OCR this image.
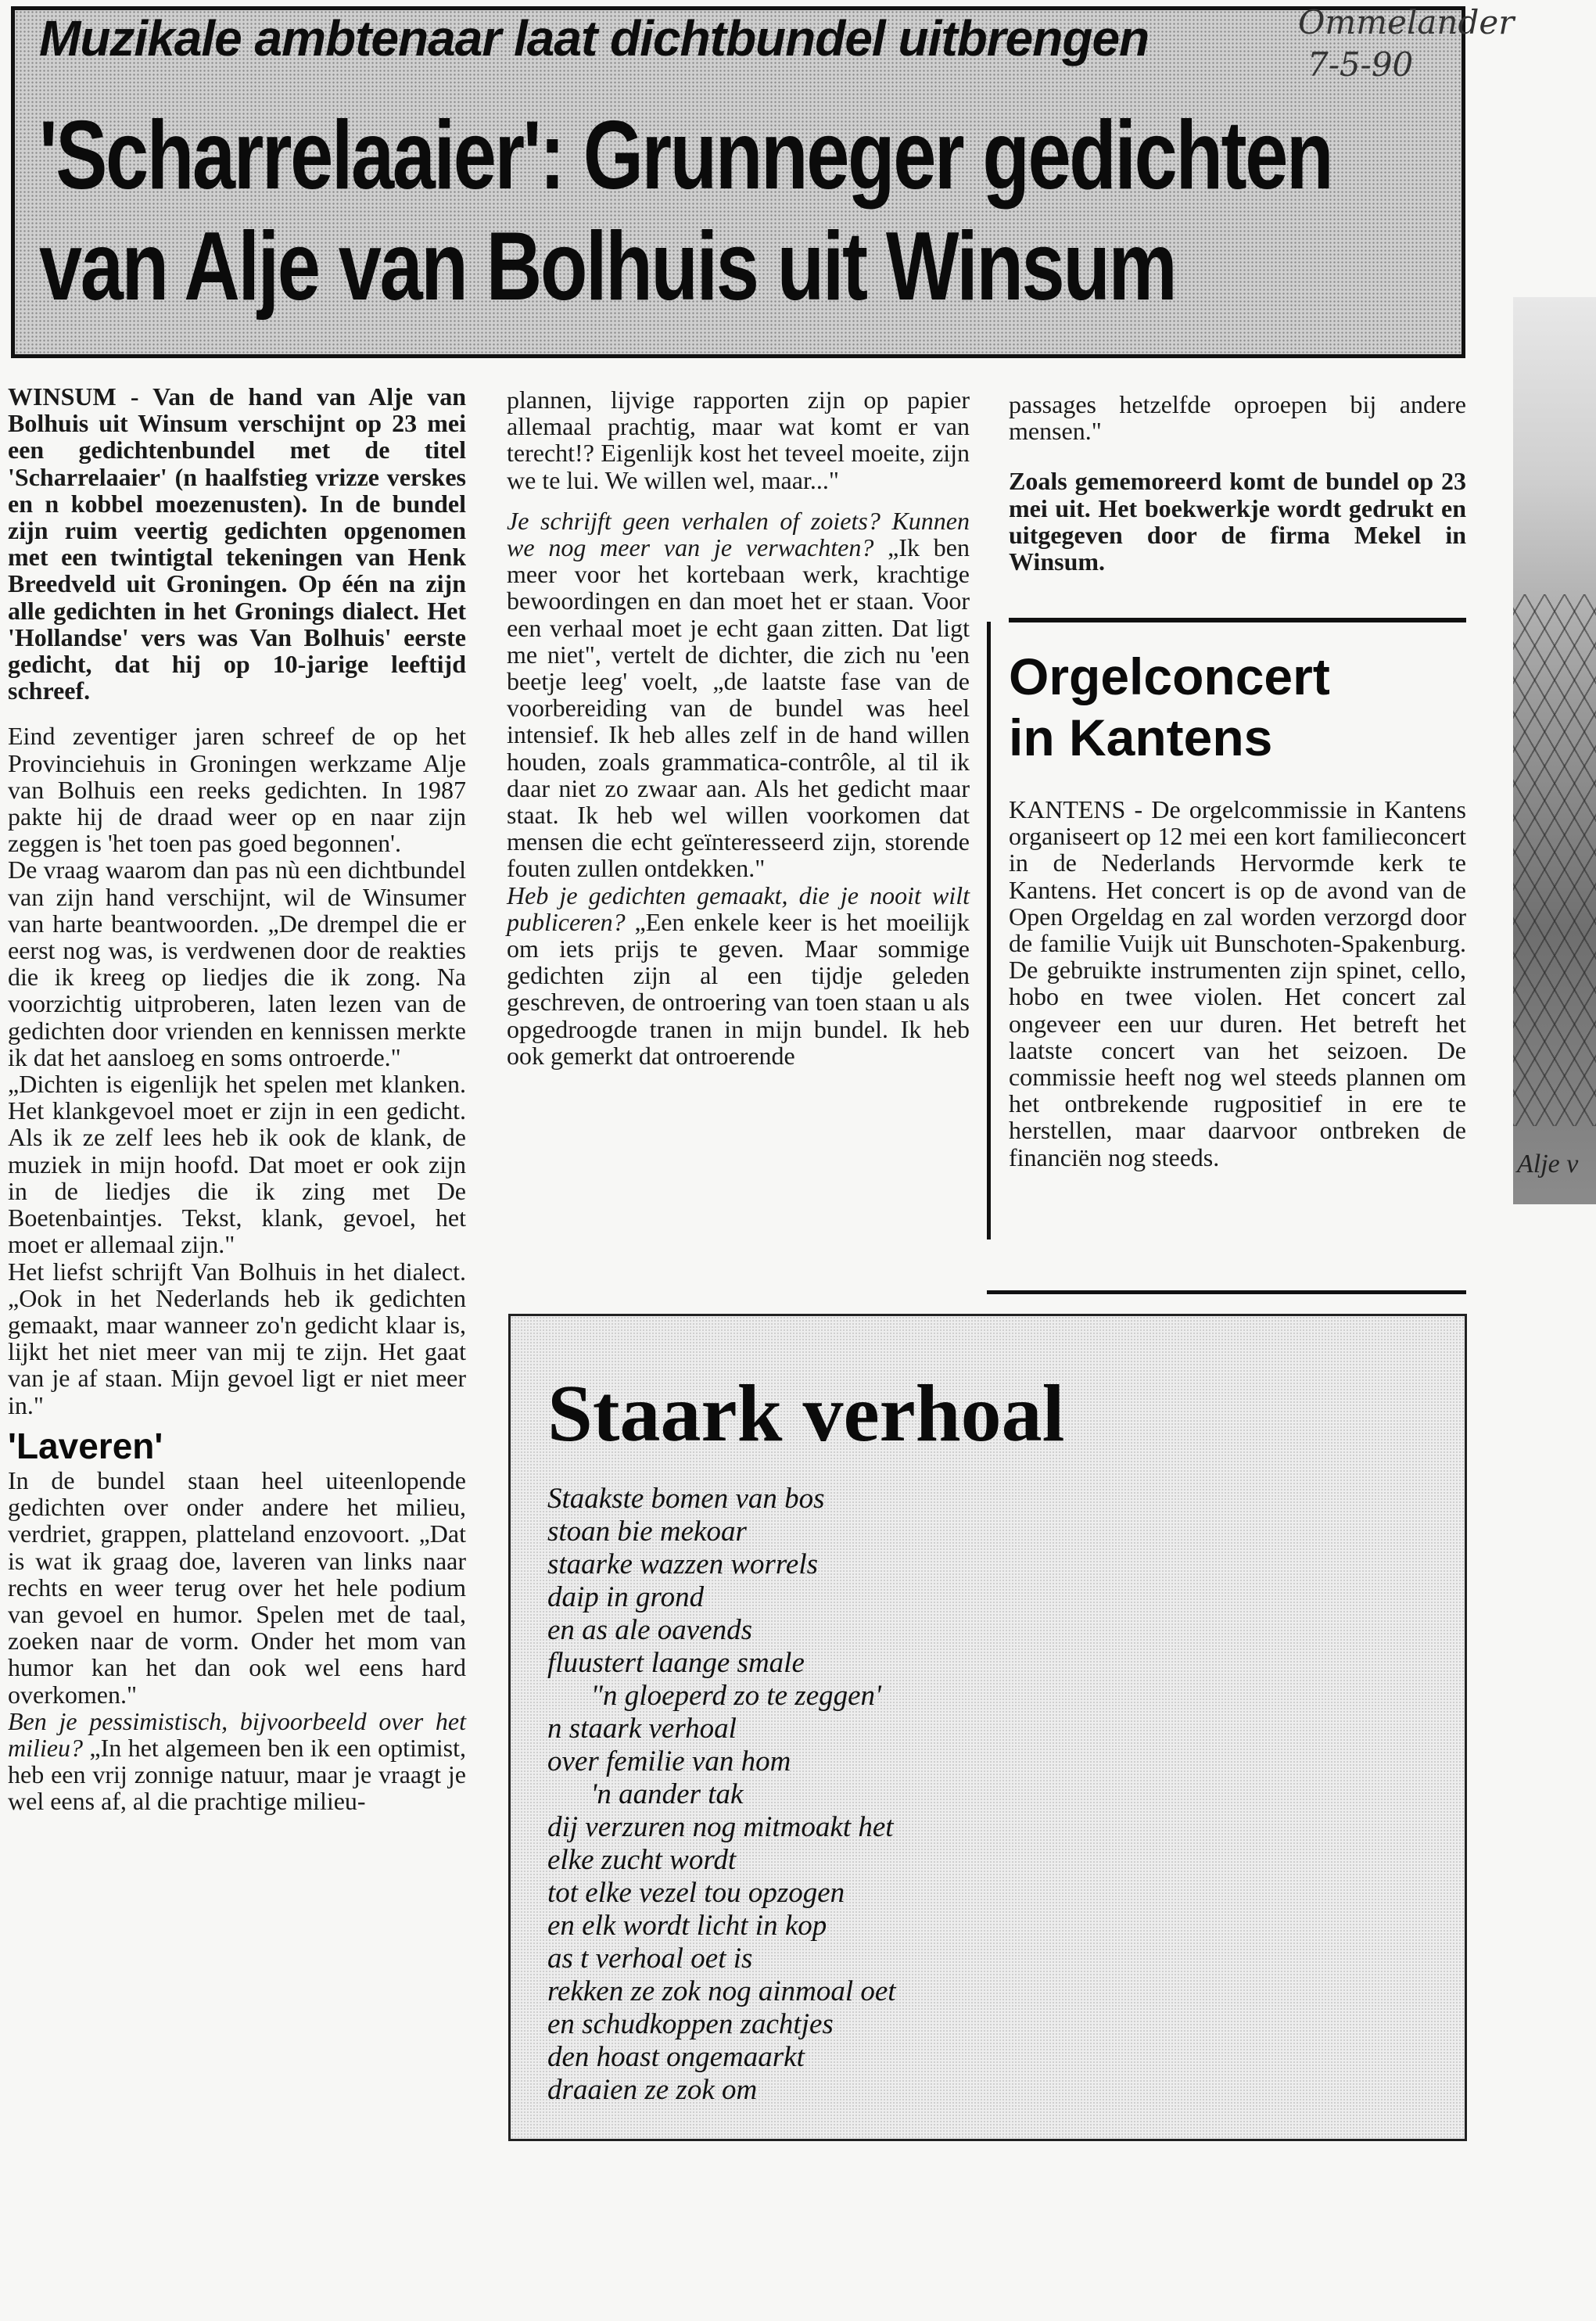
Muzikale ambtenaar laat dichtbundel uitbrengen
'Scharrelaaier': Grunneger gedichten
van Alje van Bolhuis uit Winsum
Ommelander
7-5-90
Alje v

WINSUM - Van de hand van Alje van Bolhuis uit Winsum verschijnt op 23 mei een gedichtenbundel met de titel 'Scharrelaaier' (n haalfstieg vrizze verskes en n kobbel moezenusten). In de bundel zijn ruim veertig gedichten opgenomen met een twintigtal tekeningen van Henk Breedveld uit Groningen. Op één na zijn alle gedichten in het Gronings dialect. Het 'Hollandse' vers was Van Bolhuis' eerste gedicht, dat hij op 10-jarige leeftijd schreef.

Eind zeventiger jaren schreef de op het Provinciehuis in Groningen werkzame Alje van Bolhuis een reeks gedichten. In 1987 pakte hij de draad weer op en naar zijn zeggen is 'het toen pas goed begonnen'.

De vraag waarom dan pas nù een dichtbundel van zijn hand verschijnt, wil de Winsumer van harte beantwoorden. „De drempel die er eerst nog was, is verdwenen door de reakties die ik kreeg op liedjes die ik zong. Na voorzichtig uitproberen, laten lezen van de gedichten door vrienden en kennissen merkte ik dat het aansloeg en soms ontroerde."

„Dichten is eigenlijk het spelen met klanken. Het klankgevoel moet er zijn in een gedicht. Als ik ze zelf lees heb ik ook de klank, de muziek in mijn hoofd. Dat moet er ook zijn in de liedjes die ik zing met De Boetenbaintjes. Tekst, klank, gevoel, het moet er allemaal zijn."

Het liefst schrijft Van Bolhuis in het dialect. „Ook in het Nederlands heb ik gedichten gemaakt, maar wanneer zo'n gedicht klaar is, lijkt het niet meer van mij te zijn. Het gaat van je af staan. Mijn gevoel ligt er niet meer in."

'Laveren'

In de bundel staan heel uiteenlopende gedichten over onder andere het milieu, verdriet, grappen, platteland enzovoort. „Dat is wat ik graag doe, laveren van links naar rechts en weer terug over het hele podium van gevoel en humor. Spelen met de taal, zoeken naar de vorm. Onder het mom van humor kan het dan ook wel eens hard overkomen."

Ben je pessimistisch, bijvoorbeeld over het milieu? „In het algemeen ben ik een optimist, heb een vrij zonnige natuur, maar je vraagt je wel eens af, al die prachtige milieu-

plannen, lijvige rapporten zijn op papier allemaal prachtig, maar wat komt er van terecht!? Eigenlijk kost het teveel moeite, zijn we te lui. We willen wel, maar..."

Je schrijft geen verhalen of zoiets? Kunnen we nog meer van je verwachten? „Ik ben meer voor het kortebaan werk, krachtige bewoordingen en dan moet het er staan. Voor een verhaal moet je echt gaan zitten. Dat ligt me niet", vertelt de dichter, die zich nu 'een beetje leeg' voelt, „de laatste fase van de voorbereiding van de bundel was heel intensief. Ik heb alles zelf in de hand willen houden, zoals grammatica-contrôle, al til ik daar niet zo zwaar aan. Als het gedicht maar staat. Ik heb wel willen voorkomen dat mensen die echt geïnteresseerd zijn, storende fouten zullen ontdekken."

Heb je gedichten gemaakt, die je nooit wilt publiceren? „Een enkele keer is het moeilijk om iets prijs te geven. Maar sommige gedichten zijn al een tijdje geleden geschreven, de ontroering van toen staan u als opgedroogde tranen in mijn bundel. Ik heb ook gemerkt dat ontroerende

passages hetzelfde oproepen bij andere mensen."

Zoals gememoreerd komt de bundel op 23 mei uit. Het boekwerkje wordt gedrukt en uitgegeven door de firma Mekel in Winsum.

Orgelconcert
in Kantens
KANTENS - De orgelcommissie in Kantens organiseert op 12 mei een kort familieconcert in de Nederlands Hervormde kerk te Kantens. Het concert is op de avond van de Open Orgeldag en zal worden verzorgd door de familie Vuijk uit Bunschoten-Spakenburg. De gebruikte instrumenten zijn spinet, cello, hobo en twee violen. Het concert zal ongeveer een uur duren. Het betreft het laatste concert van het seizoen. De commissie heeft nog wel steeds plannen om het ontbrekende rugpositief in ere te herstellen, maar daarvoor ontbreken de financiën nog steeds.
Staark verhoal
Staakste bomen van bos
stoan bie mekoar
staarke wazzen worrels
daip in grond
en as ale oavends
fluustert laange smale
"n gloeperd zo te zeggen'
n staark verhoal
over femilie van hom
'n aander tak
dij verzuren nog mitmoakt het
elke zucht wordt
tot elke vezel tou opzogen
en elk wordt licht in kop
as t verhoal oet is
rekken ze zok nog ainmoal oet
en schudkoppen zachtjes
den hoast ongemaarkt
draaien ze zok om
